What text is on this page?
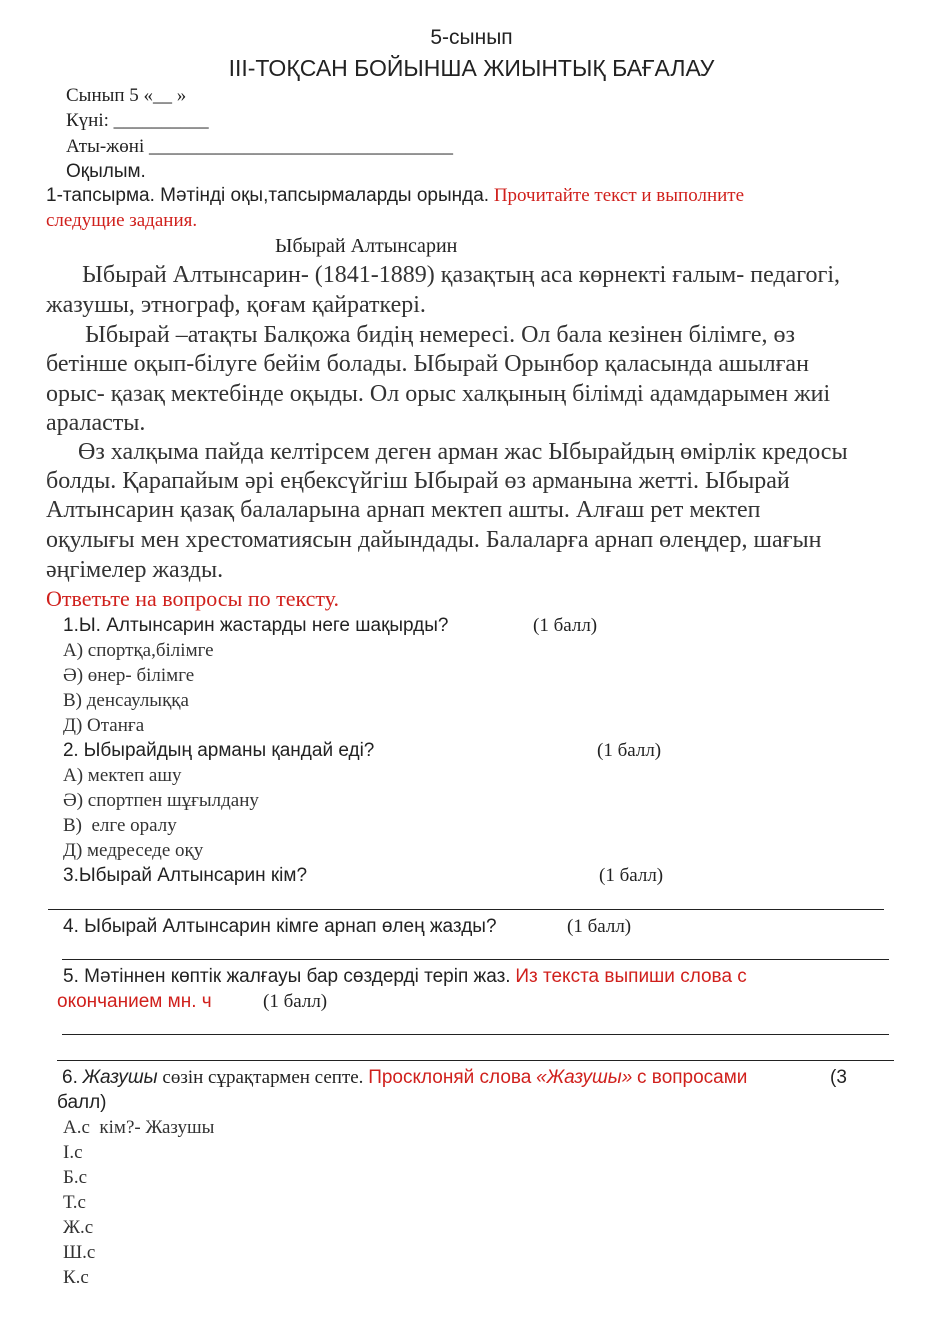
5-сынып
ІІІ-ТОҚСАН БОЙЫНША ЖИЫНТЫҚ БАҒАЛАУ
Сынып 5 «__ »
Күні: __________
Аты-жөні ________________________________
Оқылым.
1-тапсырма. Мәтінді оқы,тапсырмаларды орында. Прочитайте текст и выполните
следущие задания.
Ыбырай Алтынсарин
Ыбырай Алтынсарин- (1841-1889) қазақтың аса көрнекті ғалым- педагогі,
жазушы, этнограф, қоғам қайраткері.
Ыбырай –атақты Балқожа бидің немересі. Ол бала кезінен білімге, өз
бетінше оқып-білуге бейім болады. Ыбырай Орынбор қаласында ашылған
орыс- қазақ мектебінде оқыды. Ол орыс халқының білімді адамдарымен жиі
араласты.
Өз халқыма пайда келтірсем деген арман жас Ыбырайдың өмірлік кредосы
болды. Қарапайым әрі еңбексүйгіш Ыбырай өз арманына жетті. Ыбырай
Алтынсарин қазақ балаларына арнап мектеп ашты. Алғаш рет мектеп
оқулығы мен хрестоматиясын дайындады. Балаларға арнап өлеңдер, шағын
әңгімелер жазды.
Ответьте на вопросы по тексту.
1.Ы. Алтынсарин жастарды неге шақырды?	(1 балл)
А) спортқа,білімге
Ә) өнер- білімге
В) денсаулыққа
Д) Отанға
2. Ыбырайдың арманы қандай еді?	(1 балл)
А) мектеп ашу
Ә) спортпен шұғылдану
В)  елге оралу
Д) медреседе оқу
3.Ыбырай Алтынсарин кім?	(1 балл)
4. Ыбырай Алтынсарин кімге арнап өлең жазды?	(1 балл)
5. Мәтіннен көптік жалғауы бар сөздерді теріп жаз. Из текста выпиши слова с
окончанием мн. ч	(1 балл)
6. Жазушы сөзін сұрақтармен септе. Просклоняй слова «Жазушы» с вопросами	(3
балл)
А.с  кім?- Жазушы
І.с
Б.с
Т.с
Ж.с
Ш.с
К.с
